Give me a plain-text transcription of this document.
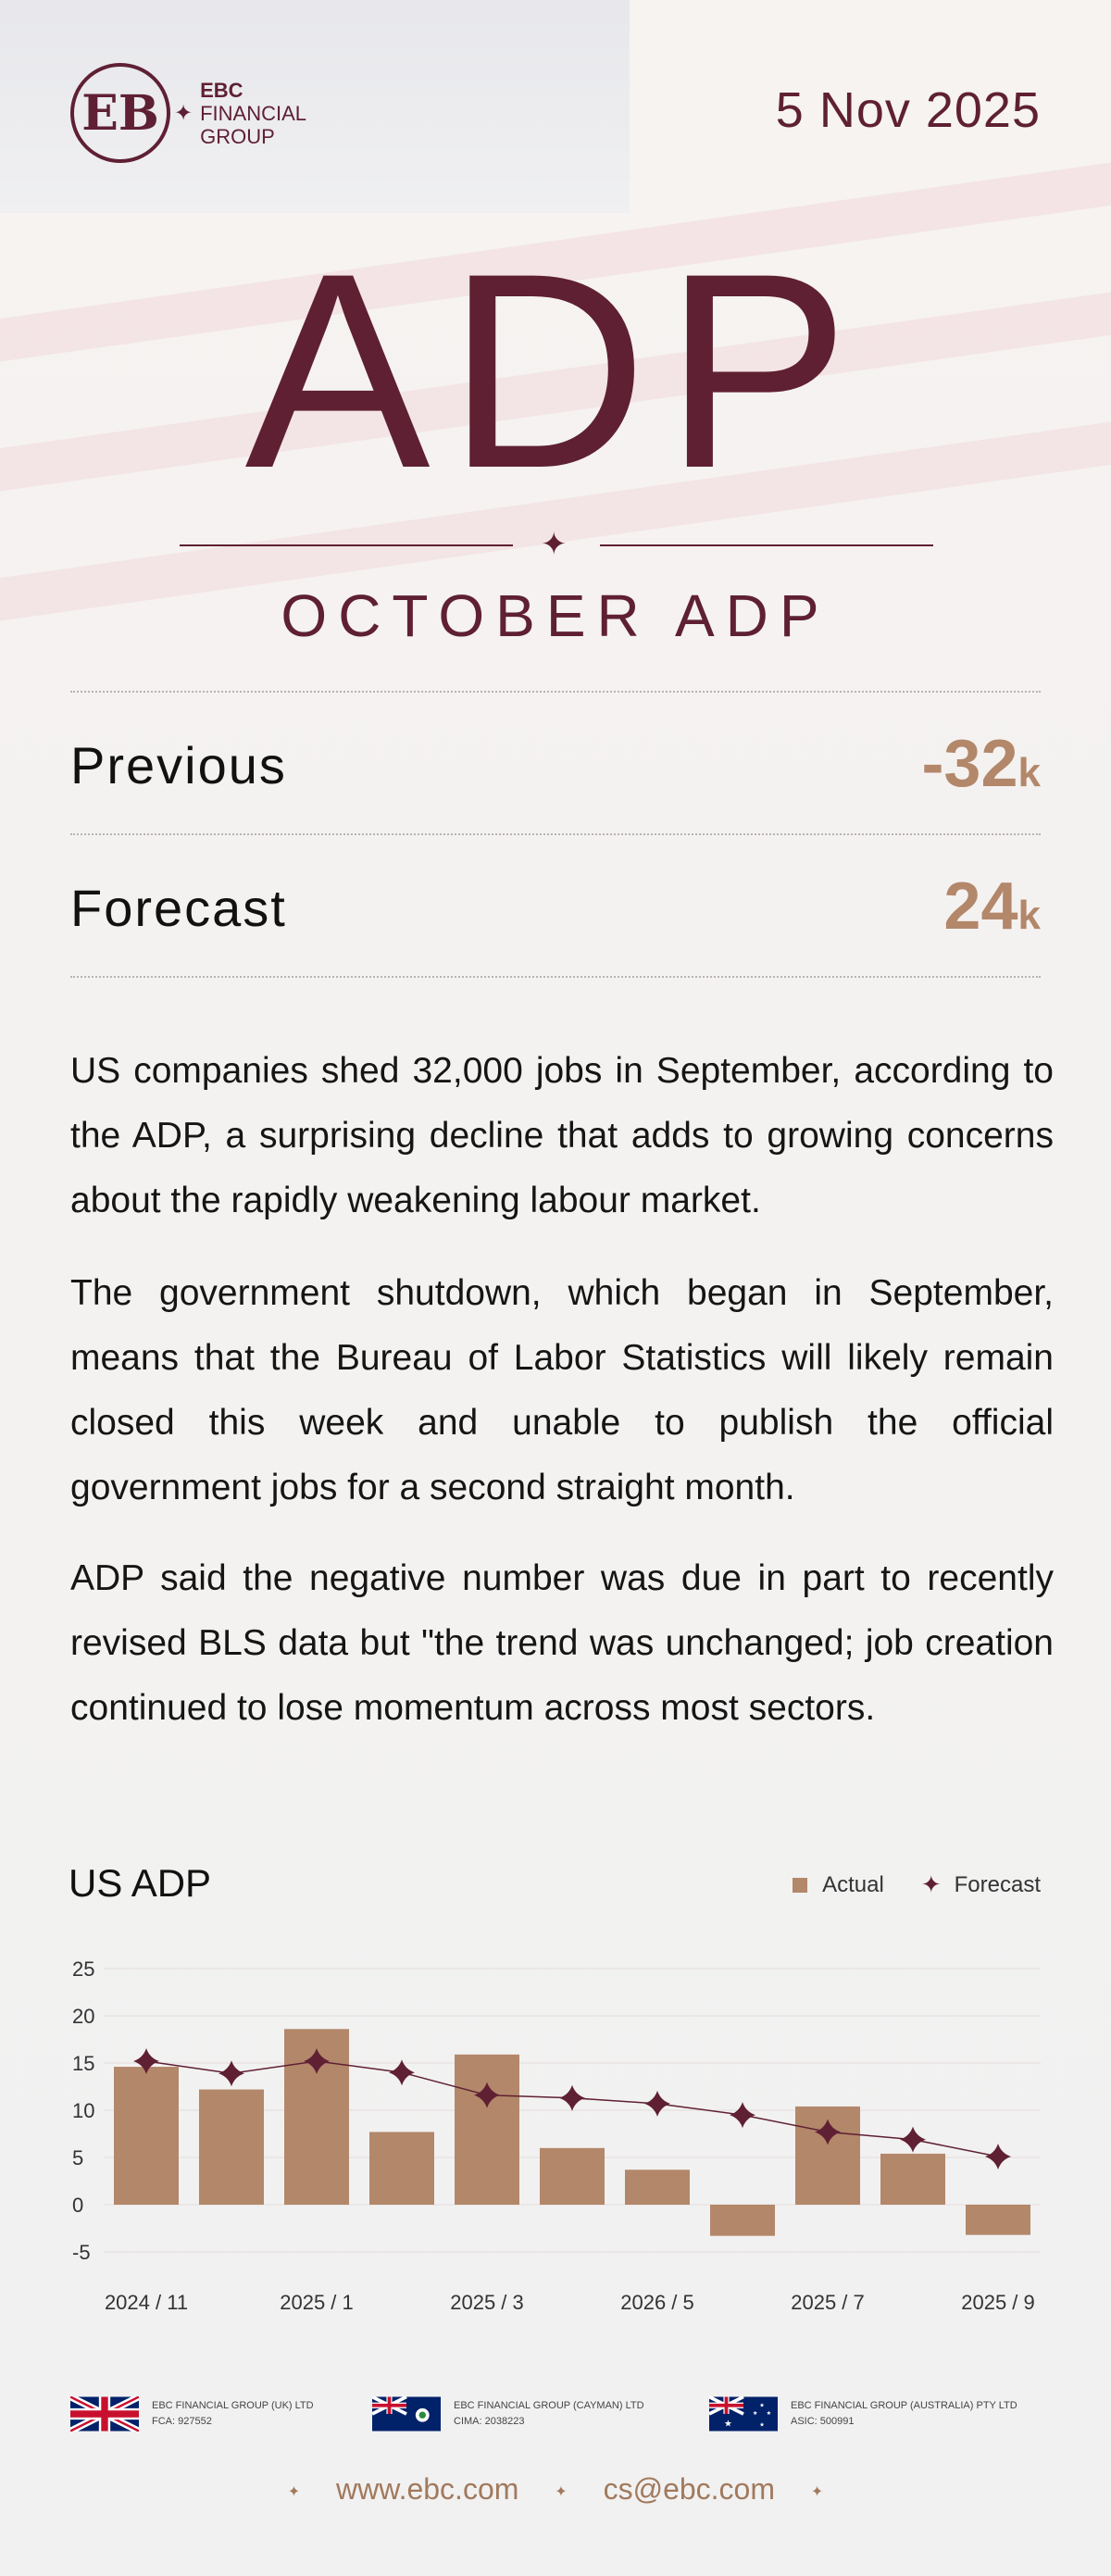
EB ✦
EBC
FINANCIAL
GROUP	5 Nov 2025
ADP
✦
OCTOBER ADP
Previous	-32k
Forecast	24k
US companies shed 32,000 jobs in September, according to the ADP, a surprising decline that adds to growing concerns about the rapidly weakening labour market.
The government shutdown, which began in September, means that the Bureau of Labor Statistics will likely remain closed this week and unable to publish the official government jobs for a second straight month.
ADP said the negative number was due in part to recently revised BLS data but "the trend was unchanged; job creation continued to lose momentum across most sectors.
US ADP	Actual ✦ Forecast
25
20
15
10
5
0
-5
2024 / 11	2025 / 1	2025 / 3	2026 / 5	2025 / 7	2025 / 9
EBC FINANCIAL GROUP (UK) LTD
FCA: 927552
EBC FINANCIAL GROUP (CAYMAN) LTD
CIMA: 2038223	★
★
★
★
★
EBC FINANCIAL GROUP (AUSTRALIA) PTY LTD
ASIC: 500991
✦ www.ebc.com ✦ cs@ebc.com ✦
